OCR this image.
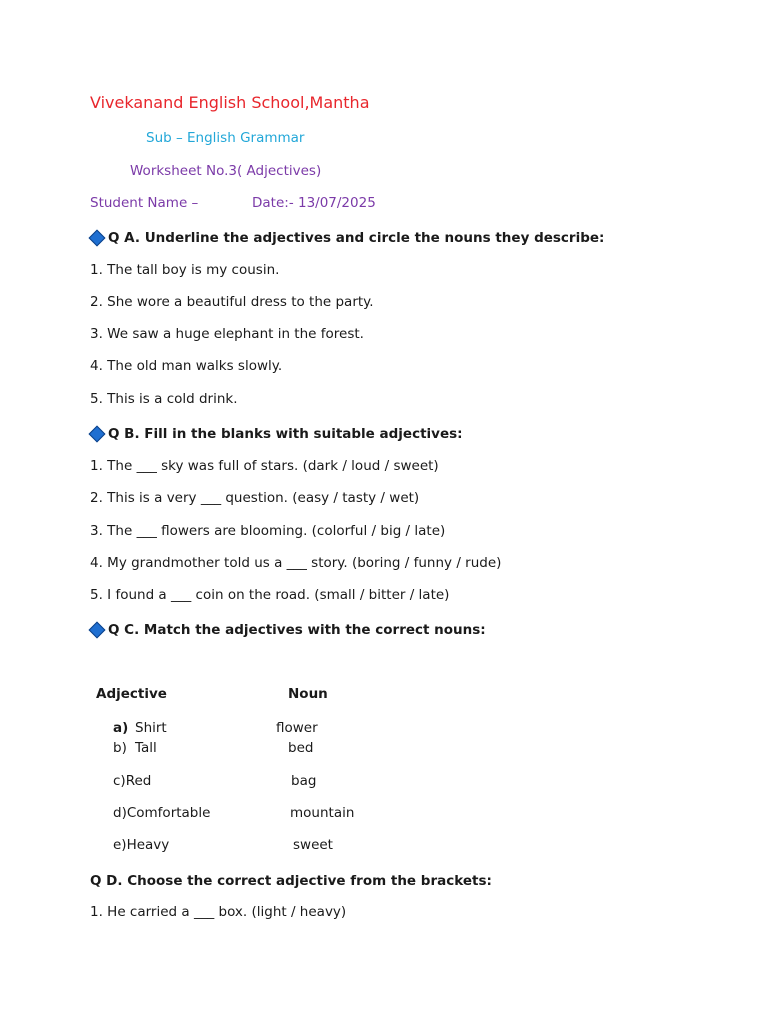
Vivekanand English School,Mantha
Sub – English Grammar
Worksheet No.3( Adjectives)
Student Name –	Date:- 13/07/2025
Q A. Underline the adjectives and circle the nouns they describe:
1. The tall boy is my cousin.
2. She wore a beautiful dress to the party.
3. We saw a huge elephant in the forest.
4. The old man walks slowly.
5. This is a cold drink.
Q B. Fill in the blanks with suitable adjectives:
1. The ___ sky was full of stars. (dark / loud / sweet)
2. This is a very ___ question. (easy / tasty / wet)
3. The ___ flowers are blooming. (colorful / big / late)
4. My grandmother told us a ___ story. (boring / funny / rude)
5. I found a ___ coin on the road. (small / bitter / late)
Q C. Match the adjectives with the correct nouns:
Adjective	Noun
a) Shirt	flower
b) Tall	bed
c)Red	bag
d)Comfortable	mountain
e)Heavy	sweet
Q D. Choose the correct adjective from the brackets:
1. He carried a ___ box. (light / heavy)
